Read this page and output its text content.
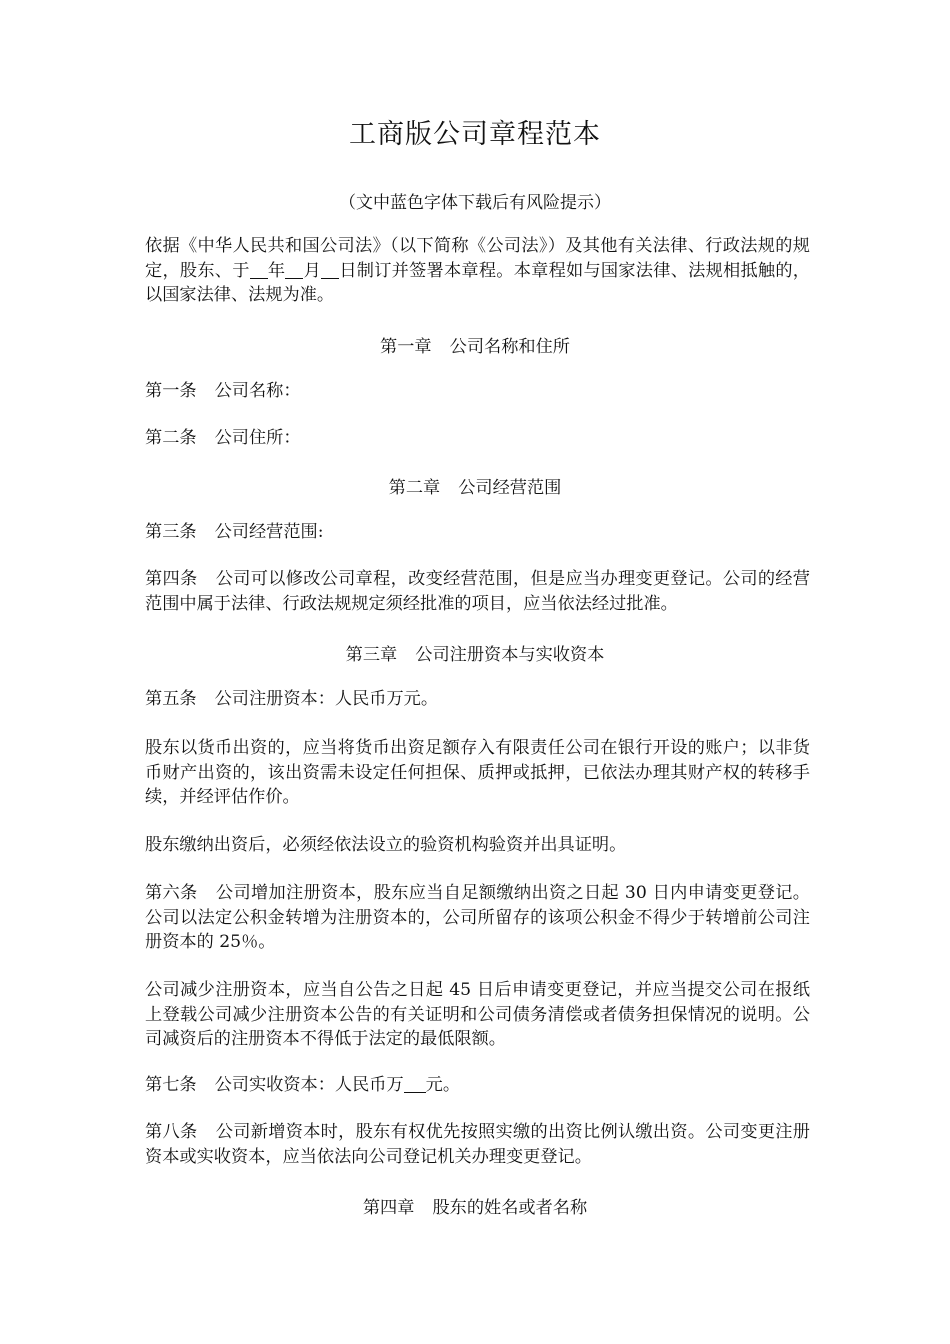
工商版公司章程范本
（文中蓝色字体下载后有风险提示）
依据《中华人民共和国公司法》（以下简称《公司法》）及其他有关法律、行政法规的规定，股东、于 年 月 日制订并签署本章程。本章程如与国家法律、法规相抵触的，以国家法律、法规为准。
第一章 公司名称和住所
第一条 公司名称：
第二条 公司住所：
第二章 公司经营范围
第三条 公司经营范围:
第四条 公司可以修改公司章程，改变经营范围，但是应当办理变更登记。公司的经营范围中属于法律、行政法规规定须经批准的项目，应当依法经过批准。
第三章 公司注册资本与实收资本
第五条 公司注册资本：人民币万元。
股东以货币出资的，应当将货币出资足额存入有限责任公司在银行开设的账户；以非货币财产出资的，该出资需未设定任何担保、质押或抵押，已依法办理其财产权的转移手续，并经评估作价。
股东缴纳出资后，必须经依法设立的验资机构验资并出具证明。
第六条 公司增加注册资本，股东应当自足额缴纳出资之日起 30 日内申请变更登记。公司以法定公积金转增为注册资本的，公司所留存的该项公积金不得少于转增前公司注册资本的 25％。
公司减少注册资本，应当自公告之日起 45 日后申请变更登记，并应当提交公司在报纸上登载公司减少注册资本公告的有关证明和公司债务清偿或者债务担保情况的说明。公司减资后的注册资本不得低于法定的最低限额。
第七条 公司实收资本：人民币万 元。
第八条 公司新增资本时，股东有权优先按照实缴的出资比例认缴出资。公司变更注册资本或实收资本，应当依法向公司登记机关办理变更登记。
第四章 股东的姓名或者名称
